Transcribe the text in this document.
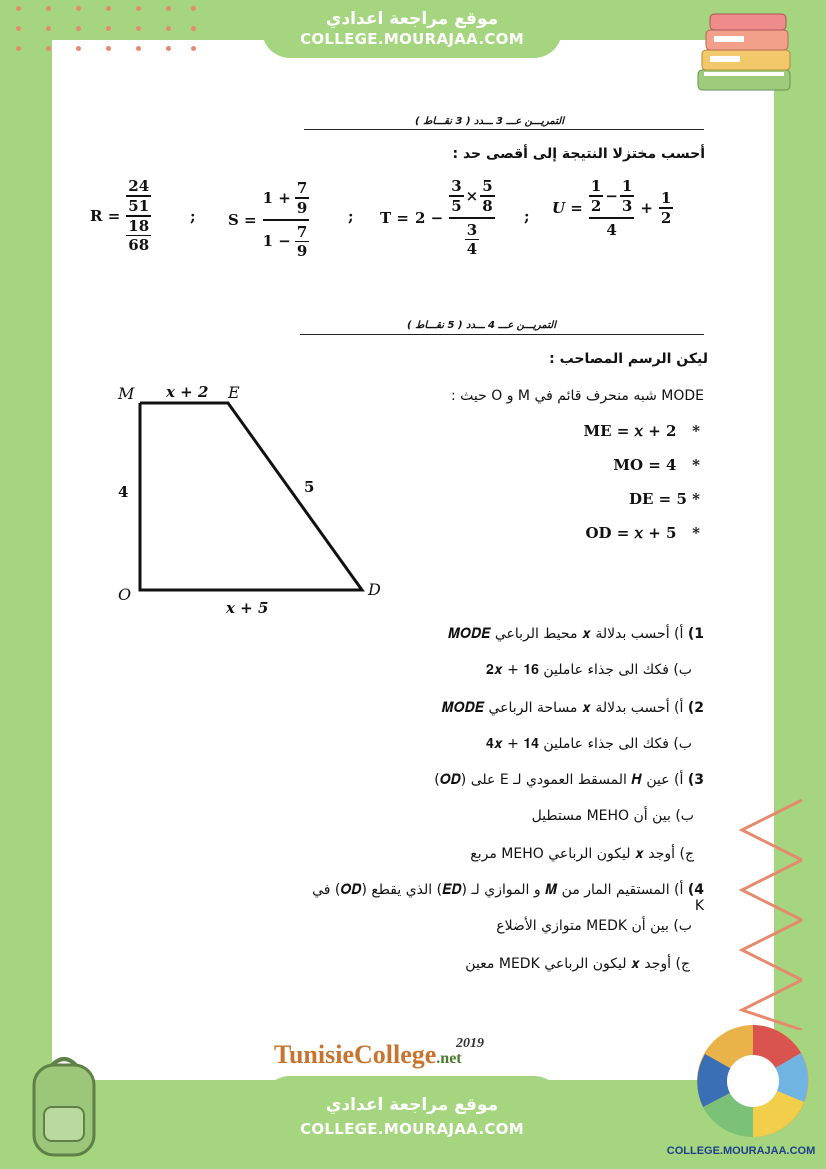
موقع مراجعة اعدادي
COLLEGE.MOURAJAA.COM
التمريـــن عـــ 3 ـــدد ( 3 نقـــاط )
أحسب مختزلا النتيجة إلى أقصى حد :
$R = \frac{\frac{24}{51}}{\frac{18}{68}}$	; $S = \frac{1 + \frac{7}{9}}{1 - \frac{7}{9}}$	; $T = 2 - \frac{\frac{3}{5} \times \frac{5}{8}}{\frac{3}{4}}$ ; $U = \frac{\frac{1}{2} - \frac{1}{3}}{4} + \frac{1}{2}$
التمريـــن عـــ 4 ـــدد ( 5 نقـــاط )
ليكن الرسم المصاحب :
M	E
O	D
x + 2
4	5
x + 5
MODE شبه منحرف قائم في M و O حيث :
ME = 𝑥 + 2 *
MO = 4 *
DE = 5 *
OD = 𝑥 + 5 *
1) أ) أحسب بدلالة 𝒙 محيط الرباعي 𝑴𝑶𝑫𝑬
ب) فكك الى جذاء عاملين 𝟐𝒙 + 𝟏𝟔
2) أ) أحسب بدلالة 𝒙 مساحة الرباعي 𝑴𝑶𝑫𝑬
ب) فكك الى جذاء عاملين 𝟒𝒙 + 𝟏𝟒
3) أ) عين 𝑯 المسقط العمودي لـ E على (𝑶𝑫)
ب) بين أن MEHO مستطيل
ج) أوجد 𝒙 ليكون الرباعي MEHO مربع
4) أ) المستقيم المار من 𝑴 و الموازي لـ (𝑬𝑫) الذي يقطع (𝑶𝑫) في K
ب) بين أن MEDK متوازي الأضلاع
ج) أوجد 𝒙 ليكون الرباعي MEDK معين
TunisieCollege.net
2019
موقع مراجعة اعدادي
COLLEGE.MOURAJAA.COM
COLLEGE.MOURAJAA.COM
